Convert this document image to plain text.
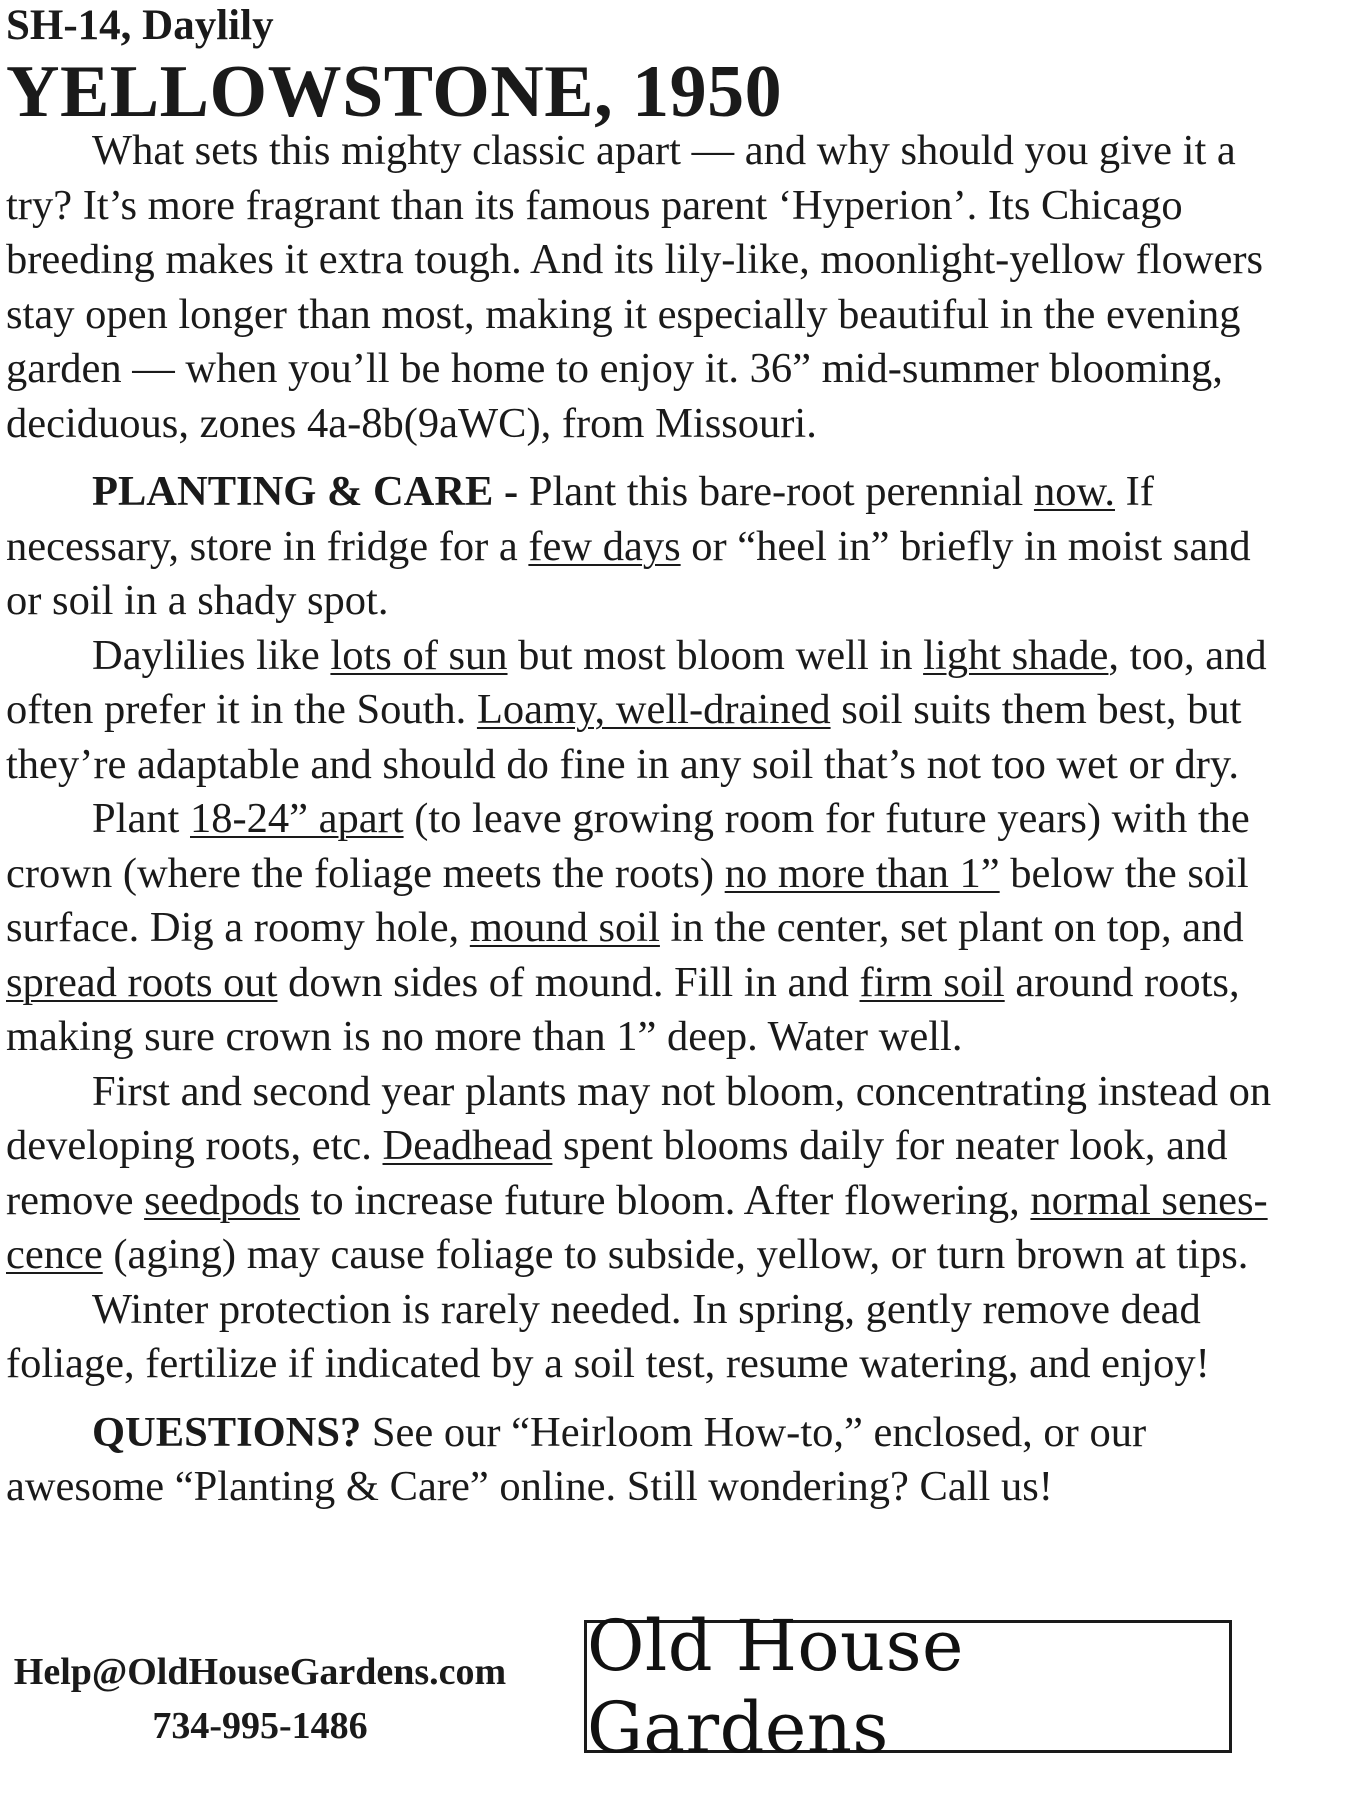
SH-14, Daylily
YELLOWSTONE, 1950

What sets this mighty classic apart — and why should you give it a try? It’s more fragrant than its famous parent ‘Hyperion’. Its Chicago breeding makes it extra tough. And its lily-like, moonlight-yellow flowers stay open longer than most, making it especially beautiful in the evening garden — when you’ll be home to enjoy it. 36” mid-summer blooming, deciduous, zones 4a-8b(9aWC), from Missouri.

PLANTING & CARE - Plant this bare-root perennial now. If necessary, store in fridge for a few days or “heel in” briefly in moist sand or soil in a shady spot.

Daylilies like lots of sun but most bloom well in light shade, too, and often prefer it in the South. Loamy, well-drained soil suits them best, but they’re adaptable and should do fine in any soil that’s not too wet or dry.

Plant 18-24” apart (to leave growing room for future years) with the crown (where the foliage meets the roots) no more than 1” below the soil surface. Dig a roomy hole, mound soil in the center, set plant on top, and spread roots out down sides of mound. Fill in and firm soil around roots, making sure crown is no more than 1” deep. Water well.

First and second year plants may not bloom, concentrating instead on developing roots, etc. Deadhead spent blooms daily for neater look, and remove seedpods to increase future bloom. After flowering, normal senes-
cence (aging) may cause foliage to subside, yellow, or turn brown at tips.

Winter protection is rarely needed. In spring, gently remove dead foliage, fertilize if indicated by a soil test, resume watering, and enjoy!

QUESTIONS? See our “Heirloom How-to,” enclosed, or our awesome “Planting & Care” online. Still wondering? Call us!

Help@OldHouseGardens.com
734-995-1486
Old House Gardens
